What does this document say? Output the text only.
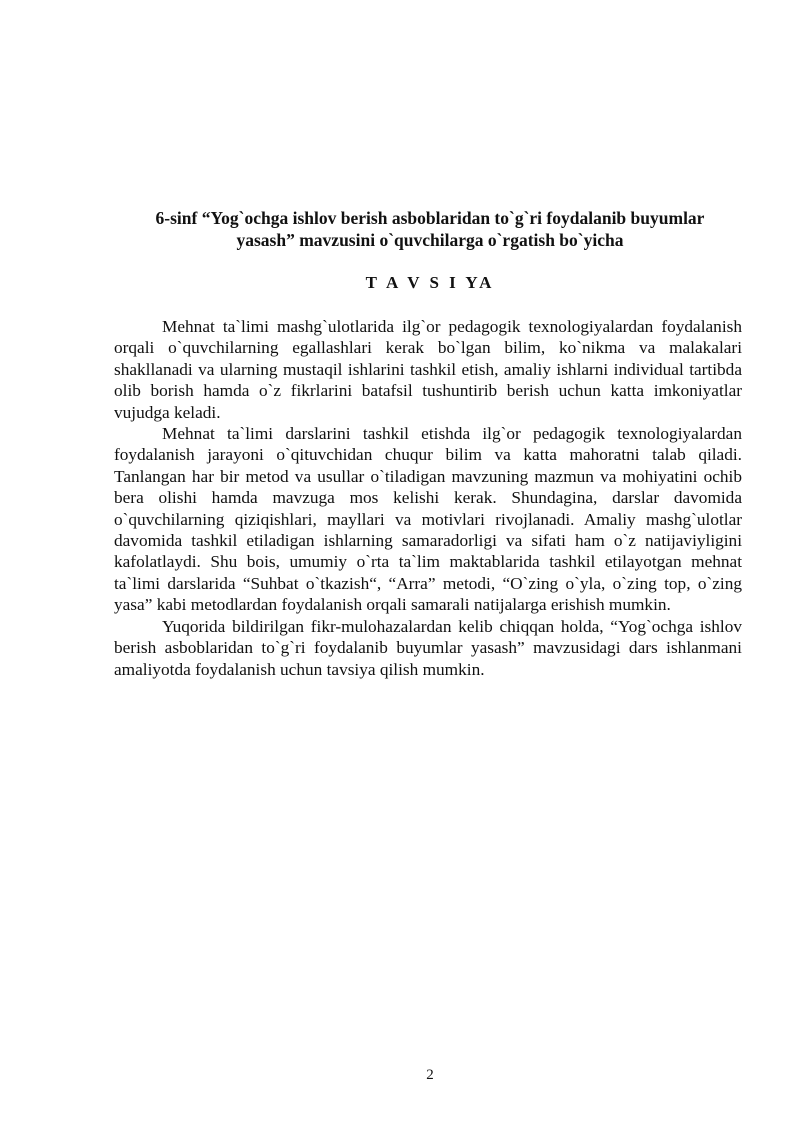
6-sinf “Yog`ochga ishlov berish asboblaridan to`g`ri foydalanib buyumlar
yasash” mavzusini o`quvchilarga o`rgatish bo`yicha
T A V S I YA

Mehnat ta`limi mashg`ulotlarida ilg`or pedagogik texnologiyalardan foydalanish orqali o`quvchilarning egallashlari kerak bo`lgan bilim, ko`nikma va malakalari shakllanadi va ularning mustaqil ishlarini tashkil etish, amaliy ishlarni individual tartibda olib borish hamda o`z fikrlarini batafsil tushuntirib berish uchun katta imkoniyatlar vujudga keladi.

Mehnat ta`limi darslarini tashkil etishda ilg`or pedagogik texnologiyalardan foydalanish jarayoni o`qituvchidan chuqur bilim va katta mahoratni talab qiladi. Tanlangan har bir metod va usullar o`tiladigan mavzuning mazmun va mohiyatini ochib bera olishi hamda mavzuga mos kelishi kerak. Shundagina, darslar davomida o`quvchilarning qiziqishlari, mayllari va motivlari rivojlanadi. Amaliy mashg`ulotlar davomida tashkil etiladigan ishlarning samaradorligi va sifati ham o`z natijaviyligini kafolatlaydi. Shu bois, umumiy o`rta ta`lim maktablarida tashkil etilayotgan mehnat ta`limi darslarida “Suhbat o`tkazish“, “Arra” metodi, “O`zing o`yla, o`zing top, o`zing yasa” kabi metodlardan foydalanish orqali samarali natijalarga erishish mumkin.

Yuqorida bildirilgan fikr-mulohazalardan kelib chiqqan holda, “Yog`ochga ishlov berish asboblaridan to`g`ri foydalanib buyumlar yasash” mavzusidagi dars ishlanmani amaliyotda foydalanish uchun tavsiya qilish mumkin.

2
